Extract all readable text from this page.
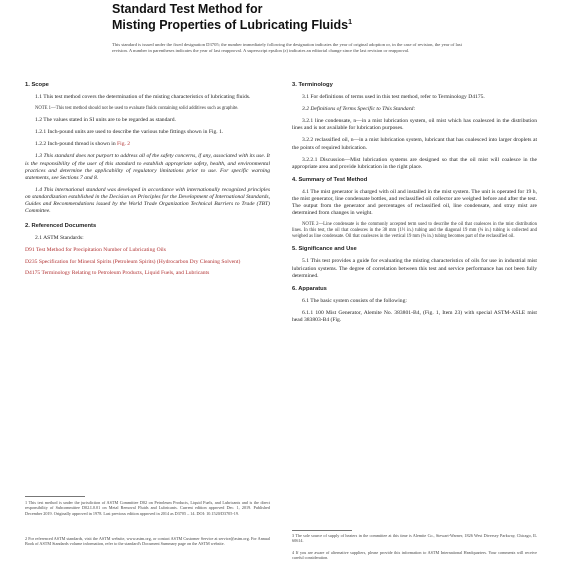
Standard Test Method for
Misting Properties of Lubricating Fluids$^1$
This standard is issued under the fixed designation D3705; the number immediately following the designation indicates the year of original adoption or, in the case of revision, the year of last revision. A number in parentheses indicates the year of last reapproval. A superscript epsilon (ε) indicates an editorial change since the last revision or reapproval.
1. Scope
1.1 This test method covers the determination of the misting characteristics of lubricating fluids.
NOTE 1—This test method should not be used to evaluate fluids containing solid additives such as graphite.
1.2 The values stated in SI units are to be regarded as standard.
1.2.1 Inch-pound units are used to describe the various tube fittings shown in Fig. 1.
1.2.2 Inch-pound thread is shown in Fig. 2
1.3 This standard does not purport to address all of the safety concerns, if any, associated with its use. It is the responsibility of the user of this standard to establish appropriate safety, health, and environmental practices and determine the applicability of regulatory limitations prior to use. For specific warning statements, see Sections 7 and 8.
1.4 This international standard was developed in accordance with internationally recognized principles on standardization established in the Decision on Principles for the Development of International Standards, Guides and Recommendations issued by the World Trade Organization Technical Barriers to Trade (TBT) Committee.
2. Referenced Documents
2.1 ASTM Standards:
D91 Test Method for Precipitation Number of Lubricating Oils
D235 Specification for Mineral Spirits (Petroleum Spirits) (Hydrocarbon Dry Cleaning Solvent)
D4175 Terminology Relating to Petroleum Products, Liquid Fuels, and Lubricants
1 This test method is under the jurisdiction of ASTM Committee D02 on Petroleum Products, Liquid Fuels, and Lubricants and is the direct responsibility of Subcommittee D02.L0.01 on Metal Removal Fluids and Lubricants. Current edition approved Dec. 1, 2019. Published December 2019. Originally approved in 1978. Last previous edition approved in 2014 as D3705 – 14. DOI: 10.1520/D3705-19.
2 For referenced ASTM standards, visit the ASTM website, www.astm.org, or contact ASTM Customer Service at service@astm.org. For Annual Book of ASTM Standards volume information, refer to the standard's Document Summary page on the ASTM website.
3. Terminology
3.1 For definitions of terms used in this test method, refer to Terminology D4175.
3.2 Definitions of Terms Specific to This Standard:
3.2.1 line condensate, n—in a mist lubrication system, oil mist which has coalesced in the distribution lines and is not available for lubrication purposes.
3.2.2 reclassified oil, n—in a mist lubrication system, lubricant that has coalesced into larger droplets at the points of required lubrication.
3.2.2.1 Discussion—Mist lubrication systems are designed so that the oil mist will coalesce in the appropriate area and provide lubrication in the right place.
4. Summary of Test Method
4.1 The mist generator is charged with oil and installed in the mist system. The unit is operated for 19 h, the mist generator, line condensate bottles, and reclassified oil collector are weighed before and after the test. The output from the generator and percentages of reclassified oil, line condensate, and stray mist are determined from changes in weight.
NOTE 2—Line condensate is the commonly accepted term used to describe the oil that coalesces in the mist distribution lines. In this test, the oil that coalesces in the 38 mm (1½ in.) tubing and the diagonal 19 mm (¾ in.) tubing is collected and weighed as line condensate. Oil that coalesces in the vertical 19 mm (¾ in.) tubing becomes part of the reclassified oil.
5. Significance and Use
5.1 This test provides a guide for evaluating the misting characteristics of oils for use in industrial mist lubrication systems. The degree of correlation between this test and service performance has not been fully determined.
6. Apparatus
6.1 The basic system consists of the following:
6.1.1 100 Mist Generator, Alemite No. 383801-B4, (Fig. 1, Item 23) with special ASTM-ASLE mist head 383803-B4 (Fig.
3 The sole source of supply of heaters in the committee at this time is Alemite Co., Stewart-Warner, 1826 West Diversey Parkway, Chicago, IL 60614.
4 If you are aware of alternative suppliers, please provide this information to ASTM International Headquarters. Your comments will receive careful consideration.
